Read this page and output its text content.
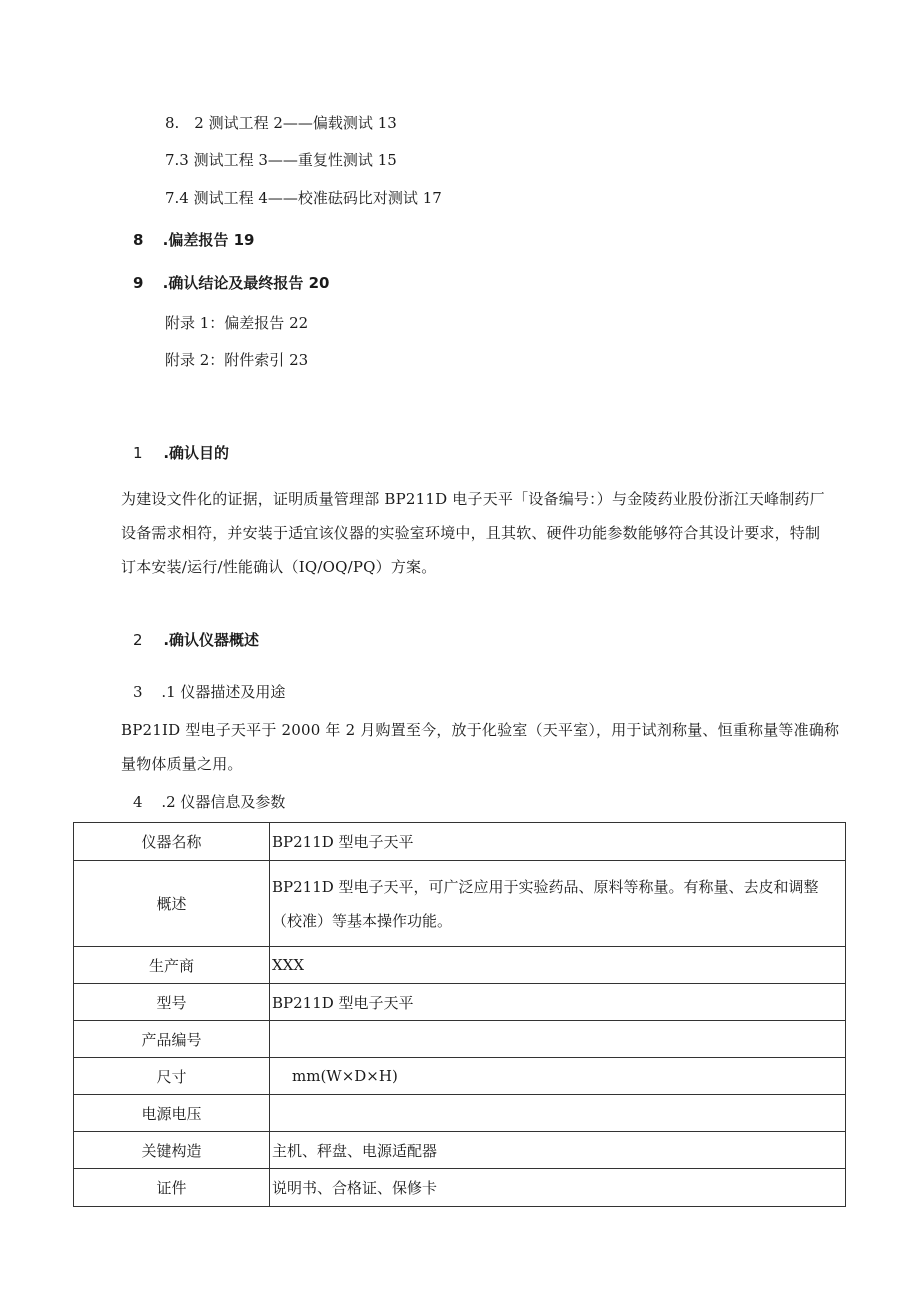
8.　2 测试工程 2——偏载测试 13
7.3 测试工程 3——重复性测试 15
7.4 测试工程 4——校准砝码比对测试 17
8 .偏差报告 19
9 .确认结论及最终报告 20
附录 1：偏差报告 22
附录 2：附件索引 23
1 .确认目的
为建设文件化的证据，证明质量管理部 BP211D 电子天平「设备编号：）与金陵药业股份浙江天峰制药厂
设备需求相符，并安装于适宜该仪器的实验室环境中，且其软、硬件功能参数能够符合其设计要求，特制
订本安装/运行/性能确认（IQ/OQ/PQ）方案。
2 .确认仪器概述
3 .1 仪器描述及用途
BP21ID 型电子天平于 2000 年 2 月购置至今，放于化验室（天平室），用于试剂称量、恒重称量等准确称
量物体质量之用。
4 .2 仪器信息及参数
仪器名称	BP211D 型电子天平
概述	BP211D 型电子天平，可广泛应用于实验药品、原料等称量。有称量、去皮和调整
（校准）等基本操作功能。

生产商	XXX
型号	BP211D 型电子天平
产品编号	
尺寸	mm(W×D×H)
电源电压	
关键构造	主机、秤盘、电源适配器
证件	说明书、合格证、保修卡
